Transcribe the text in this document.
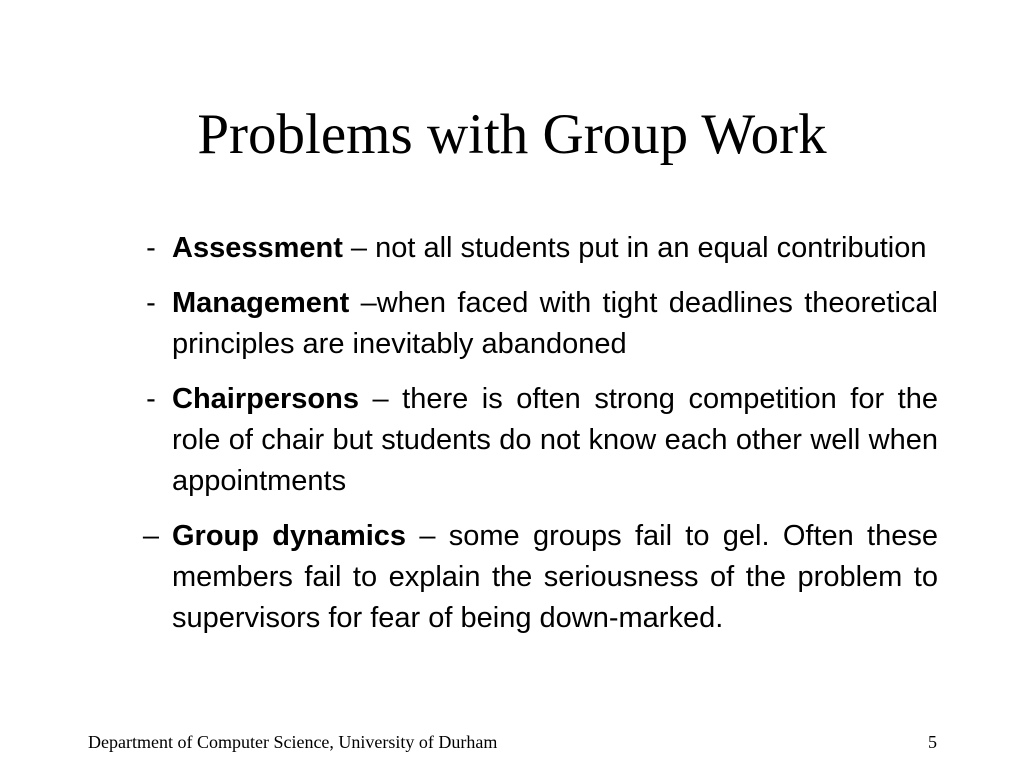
Problems with Group Work
- Assessment – not all students put in an equal contribution
- Management –when faced with tight deadlines theoretical principles are inevitably abandoned
- Chairpersons – there is often strong competition for the role of chair but students do not know each other well when appointments
– Group dynamics – some groups fail to gel. Often these members fail to explain the seriousness of the problem to supervisors for fear of being down-marked.
Department of Computer Science, University of Durham	5
